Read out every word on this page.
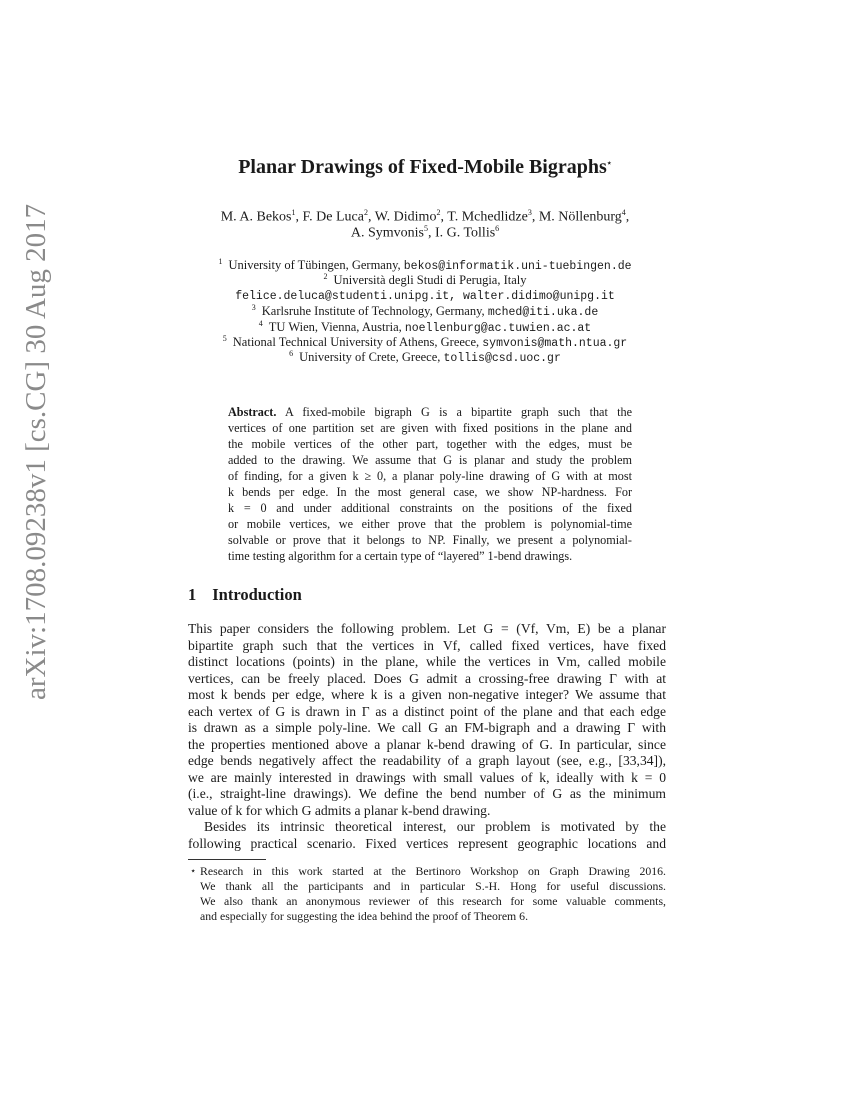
arXiv:1708.09238v1 [cs.CG] 30 Aug 2017
Planar Drawings of Fixed-Mobile Bigraphs⋆
M. A. Bekos$^1$, F. De Luca$^2$, W. Didimo$^2$, T. Mchedlidze$^3$, M. Nöllenburg$^4$,
A. Symvonis$^5$, I. G. Tollis$^6$
$^1$ University of Tübingen, Germany, bekos@informatik.uni-tuebingen.de
$^2$ Università degli Studi di Perugia, Italy
felice.deluca@studenti.unipg.it, walter.didimo@unipg.it
$^3$ Karlsruhe Institute of Technology, Germany, mched@iti.uka.de
$^4$ TU Wien, Vienna, Austria, noellenburg@ac.tuwien.ac.at
$^5$ National Technical University of Athens, Greece, symvonis@math.ntua.gr
$^6$ University of Crete, Greece, tollis@csd.uoc.gr
Abstract. A fixed-mobile bigraph G is a bipartite graph such that the
vertices of one partition set are given with fixed positions in the plane and
the mobile vertices of the other part, together with the edges, must be
added to the drawing. We assume that G is planar and study the problem
of finding, for a given k ≥ 0, a planar poly-line drawing of G with at most
k bends per edge. In the most general case, we show NP-hardness. For
k = 0 and under additional constraints on the positions of the fixed
or mobile vertices, we either prove that the problem is polynomial-time
solvable or prove that it belongs to NP. Finally, we present a polynomial-
time testing algorithm for a certain type of “layered” 1-bend drawings.
1 Introduction
This paper considers the following problem. Let G = (Vf, Vm, E) be a planar
bipartite graph such that the vertices in Vf, called fixed vertices, have fixed
distinct locations (points) in the plane, while the vertices in Vm, called mobile
vertices, can be freely placed. Does G admit a crossing-free drawing Γ with at
most k bends per edge, where k is a given non-negative integer? We assume that
each vertex of G is drawn in Γ as a distinct point of the plane and that each edge
is drawn as a simple poly-line. We call G an FM-bigraph and a drawing Γ with
the properties mentioned above a planar k-bend drawing of G. In particular, since
edge bends negatively affect the readability of a graph layout (see, e.g., [33,34]),
we are mainly interested in drawings with small values of k, ideally with k = 0
(i.e., straight-line drawings). We define the bend number of G as the minimum
value of k for which G admits a planar k-bend drawing.
Besides its intrinsic theoretical interest, our problem is motivated by the
following practical scenario. Fixed vertices represent geographic locations and
⋆ Research in this work started at the Bertinoro Workshop on Graph Drawing 2016.
We thank all the participants and in particular S.-H. Hong for useful discussions.
We also thank an anonymous reviewer of this research for some valuable comments,
and especially for suggesting the idea behind the proof of Theorem 6.
